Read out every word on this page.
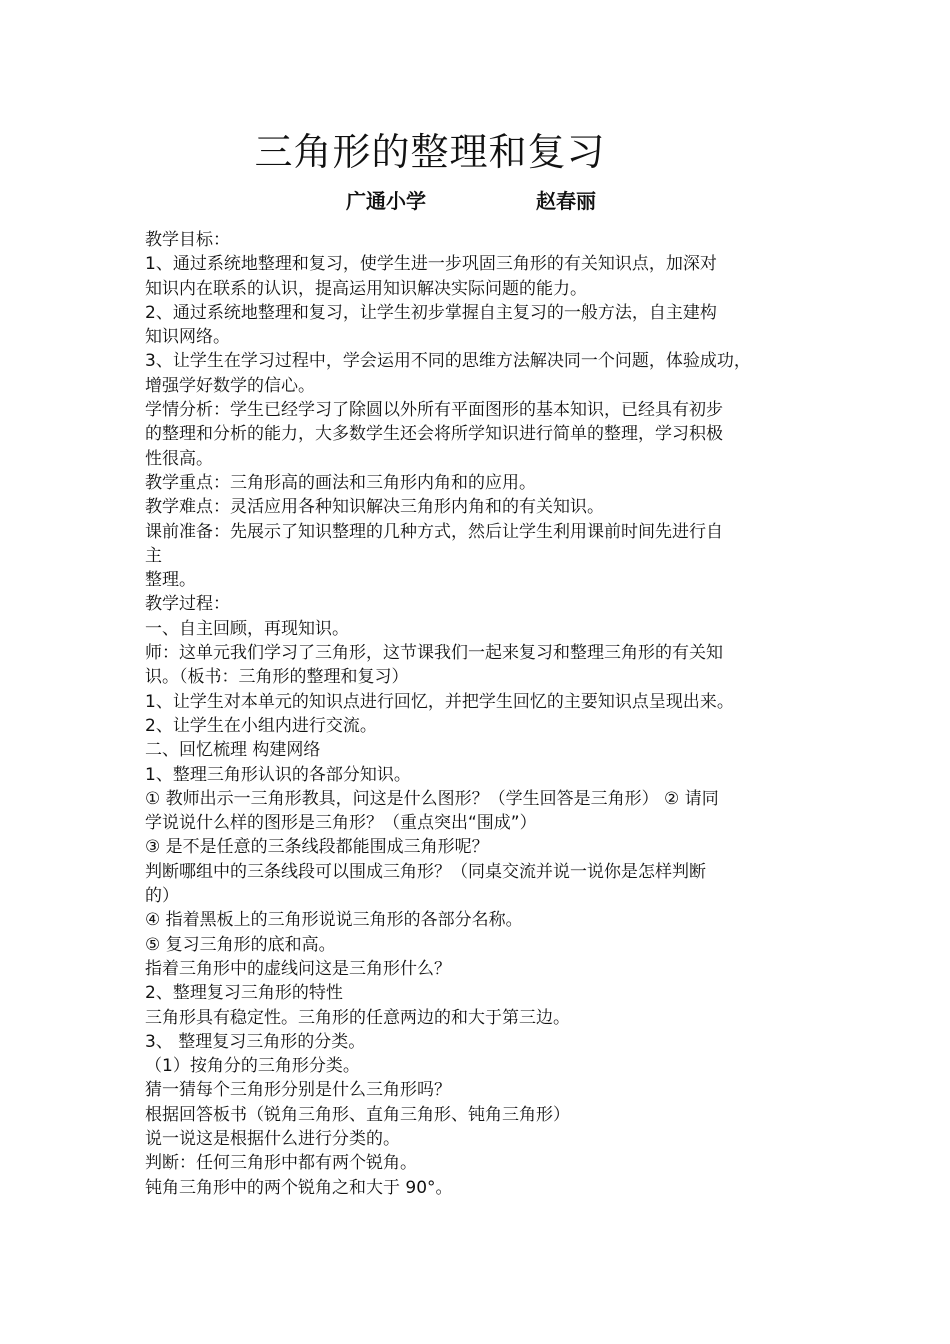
三角形的整理和复习
广通小学	赵春丽
教学目标：
1、通过系统地整理和复习，使学生进一步巩固三角形的有关知识点，加深对
知识内在联系的认识，提高运用知识解决实际问题的能力。
2、通过系统地整理和复习，让学生初步掌握自主复习的一般方法，自主建构
知识网络。
3、让学生在学习过程中，学会运用不同的思维方法解决同一个问题，体验成功，
增强学好数学的信心。
学情分析：学生已经学习了除圆以外所有平面图形的基本知识，已经具有初步
的整理和分析的能力，大多数学生还会将所学知识进行简单的整理，学习积极
性很高。
教学重点：三角形高的画法和三角形内角和的应用。
教学难点：灵活应用各种知识解决三角形内角和的有关知识。
课前准备：先展示了知识整理的几种方式，然后让学生利用课前时间先进行自
主
整理。
教学过程：
一、自主回顾，再现知识。
师：这单元我们学习了三角形，这节课我们一起来复习和整理三角形的有关知
识。（板书：三角形的整理和复习）
1、让学生对本单元的知识点进行回忆，并把学生回忆的主要知识点呈现出来。
2、让学生在小组内进行交流。
二、回忆梳理 构建网络
1、整理三角形认识的各部分知识。
① 教师出示一三角形教具，问这是什么图形？（学生回答是三角形） ② 请同
学说说什么样的图形是三角形？（重点突出“围成”）
③ 是不是任意的三条线段都能围成三角形呢？
判断哪组中的三条线段可以围成三角形？（同桌交流并说一说你是怎样判断
的）
④ 指着黑板上的三角形说说三角形的各部分名称。
⑤ 复习三角形的底和高。
指着三角形中的虚线问这是三角形什么？
2、整理复习三角形的特性
三角形具有稳定性。三角形的任意两边的和大于第三边。
3、 整理复习三角形的分类。
（1）按角分的三角形分类。
猜一猜每个三角形分别是什么三角形吗？
根据回答板书（锐角三角形、直角三角形、钝角三角形）
说一说这是根据什么进行分类的。
判断：任何三角形中都有两个锐角。
钝角三角形中的两个锐角之和大于 90°。
